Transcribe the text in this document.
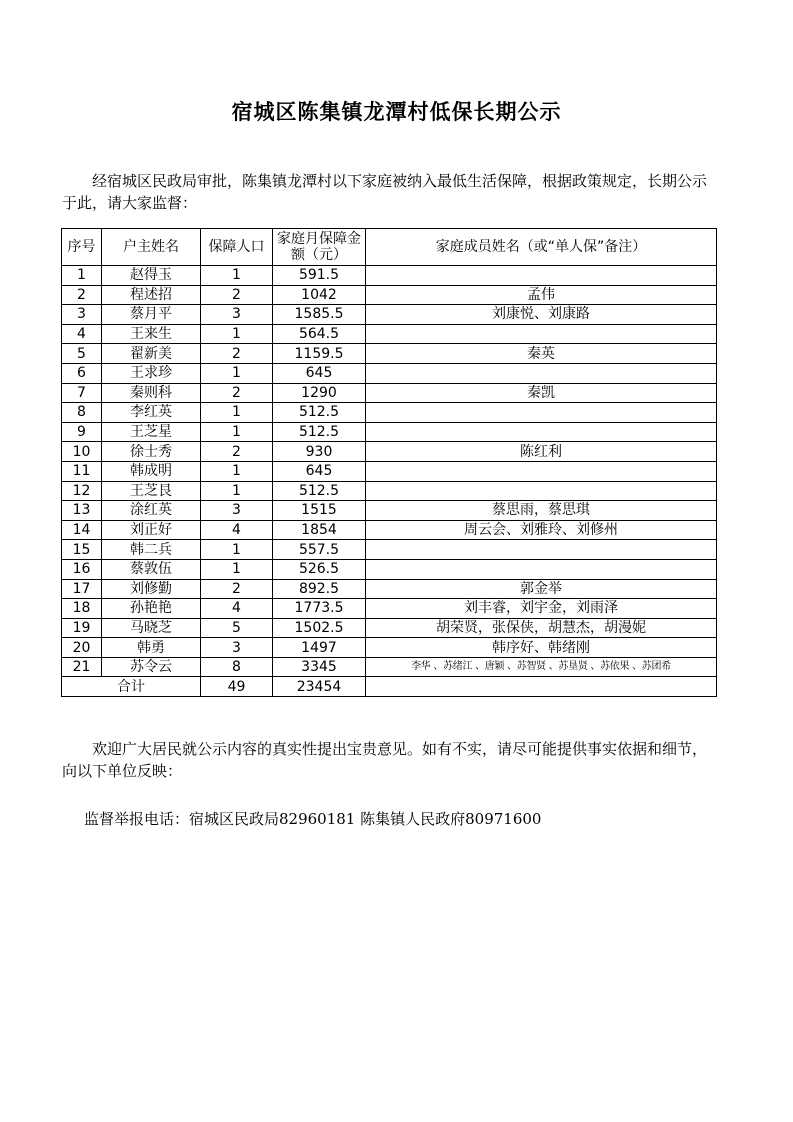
宿城区陈集镇龙潭村低保长期公示
经宿城区民政局审批，陈集镇龙潭村以下家庭被纳入最低生活保障，根据政策规定，长期公示于此，请大家监督：
序号	户主姓名	保障人口	家庭月保障金额（元）	家庭成员姓名（或“单人保”备注）
1	赵得玉	1	591.5	
2	程述招	2	1042	孟伟
3	蔡月平	3	1585.5	刘康悦、刘康路
4	王来生	1	564.5	
5	翟新美	2	1159.5	秦英
6	王求珍	1	645	
7	秦则科	2	1290	秦凯
8	李红英	1	512.5	
9	王芝星	1	512.5	
10	徐士秀	2	930	陈红利
11	韩成明	1	645	
12	王芝艮	1	512.5	
13	涂红英	3	1515	蔡思雨，蔡思琪
14	刘正好	4	1854	周云会、刘雅玲、刘修州
15	韩二兵	1	557.5	
16	蔡敦伍	1	526.5	
17	刘修勤	2	892.5	郭金举
18	孙艳艳	4	1773.5	刘丰睿，刘宇金，刘雨泽
19	马晓芝	5	1502.5	胡荣贤，张保侠，胡慧杰，胡漫妮
20	韩勇	3	1497	韩序好、韩绪刚
21	苏令云	8	3345	李华 、苏绪江 、唐颖 、苏智贤 、苏垦贤 、苏依果 、苏团希
合计		49	23454	
欢迎广大居民就公示内容的真实性提出宝贵意见。如有不实，请尽可能提供事实依据和细节，向以下单位反映：
监督举报电话：宿城区民政局82960181 陈集镇人民政府80971600
